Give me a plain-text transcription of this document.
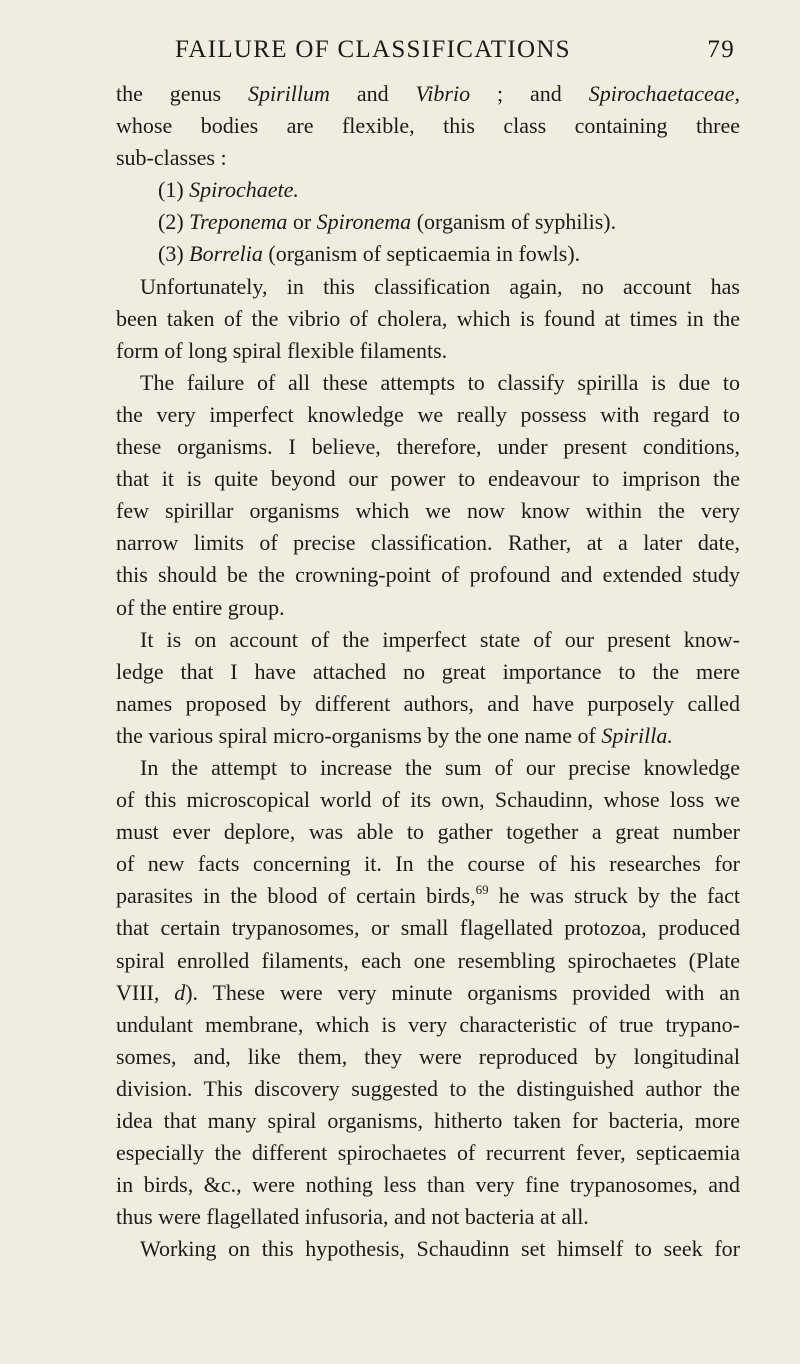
FAILURE OF CLASSIFICATIONS	79
the genus Spirillum and Vibrio ; and Spirochaetaceae,
whose bodies are flexible, this class containing three
sub-classes :
(1) Spirochaete.
(2) Treponema or Spironema (organism of syphilis).
(3) Borrelia (organism of septicaemia in fowls).
Unfortunately, in this classification again, no account has
been taken of the vibrio of cholera, which is found at times in the
form of long spiral flexible filaments.
The failure of all these attempts to classify spirilla is due to
the very imperfect knowledge we really possess with regard to
these organisms. I believe, therefore, under present conditions,
that it is quite beyond our power to endeavour to imprison the
few spirillar organisms which we now know within the very
narrow limits of precise classification. Rather, at a later date,
this should be the crowning-point of profound and extended study
of the entire group.
It is on account of the imperfect state of our present know-
ledge that I have attached no great importance to the mere
names proposed by different authors, and have purposely called
the various spiral micro-organisms by the one name of Spirilla.
In the attempt to increase the sum of our precise knowledge
of this microscopical world of its own, Schaudinn, whose loss we
must ever deplore, was able to gather together a great number
of new facts concerning it. In the course of his researches for
parasites in the blood of certain birds,$^{69}$ he was struck by the fact
that certain trypanosomes, or small flagellated protozoa, produced
spiral enrolled filaments, each one resembling spirochaetes (Plate
VIII, d). These were very minute organisms provided with an
undulant membrane, which is very characteristic of true trypano-
somes, and, like them, they were reproduced by longitudinal
division. This discovery suggested to the distinguished author the
idea that many spiral organisms, hitherto taken for bacteria, more
especially the different spirochaetes of recurrent fever, septicaemia
in birds, &c., were nothing less than very fine trypanosomes, and
thus were flagellated infusoria, and not bacteria at all.
Working on this hypothesis, Schaudinn set himself to seek for
